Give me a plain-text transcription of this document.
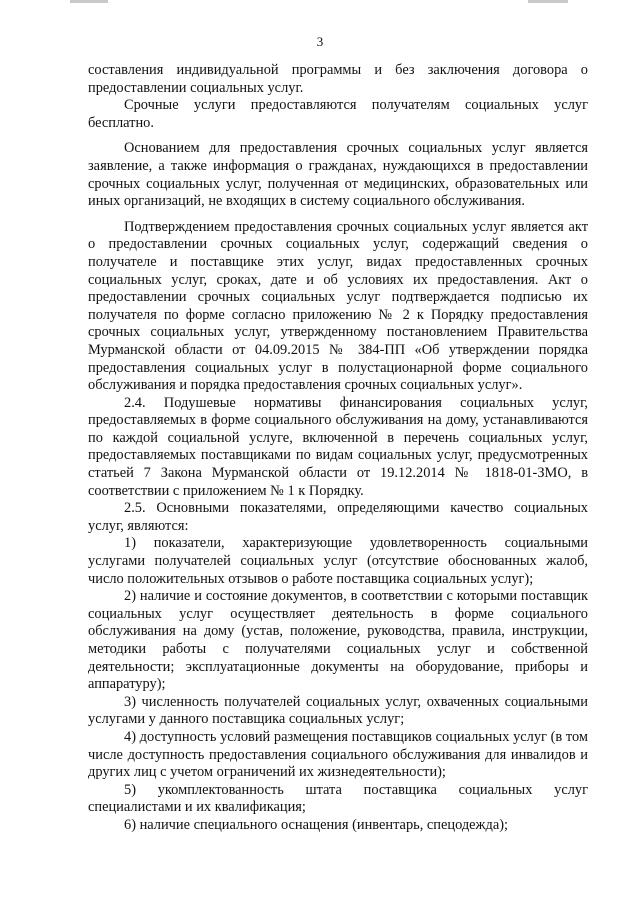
3

составления индивидуальной программы и без заключения договора о предоставлении социальных услуг.

Срочные услуги предоставляются получателям социальных услуг бесплатно.

Основанием для предоставления срочных социальных услуг является заявление, а также информация о гражданах, нуждающихся в предоставлении срочных социальных услуг, полученная от медицинских, образовательных или иных организаций, не входящих в систему социального обслуживания.

Подтверждением предоставления срочных социальных услуг является акт о предоставлении срочных социальных услуг, содержащий сведения о получателе и поставщике этих услуг, видах предоставленных срочных социальных услуг, сроках, дате и об условиях их предоставления. Акт о предоставлении срочных социальных услуг подтверждается подписью их получателя по форме согласно приложению № 2 к Порядку предоставления срочных социальных услуг, утвержденному постановлением Правительства Мурманской области от 04.09.2015 № 384-ПП «Об утверждении порядка предоставления социальных услуг в полустационарной форме социального обслуживания и порядка предоставления срочных социальных услуг».

2.4. Подушевые нормативы финансирования социальных услуг, предоставляемых в форме социального обслуживания на дому, устанавливаются по каждой социальной услуге, включенной в перечень социальных услуг, предоставляемых поставщиками по видам социальных услуг, предусмотренных статьей 7 Закона Мурманской области от 19.12.2014 № 1818-01-ЗМО, в соответствии с приложением № 1 к Порядку.

2.5. Основными показателями, определяющими качество социальных услуг, являются:

1) показатели, характеризующие удовлетворенность социальными услугами получателей социальных услуг (отсутствие обоснованных жалоб, число положительных отзывов о работе поставщика социальных услуг);

2) наличие и состояние документов, в соответствии с которыми поставщик социальных услуг осуществляет деятельность в форме социального обслуживания на дому (устав, положение, руководства, правила, инструкции, методики работы с получателями социальных услуг и собственной деятельности; эксплуатационные документы на оборудование, приборы и аппаратуру);

3) численность получателей социальных услуг, охваченных социальными услугами у данного поставщика социальных услуг;

4) доступность условий размещения поставщиков социальных услуг (в том числе доступность предоставления социального обслуживания для инвалидов и других лиц с учетом ограничений их жизнедеятельности);

5) укомплектованность штата поставщика социальных услуг специалистами и их квалификация;

6) наличие специального оснащения (инвентарь, спецодежда);
